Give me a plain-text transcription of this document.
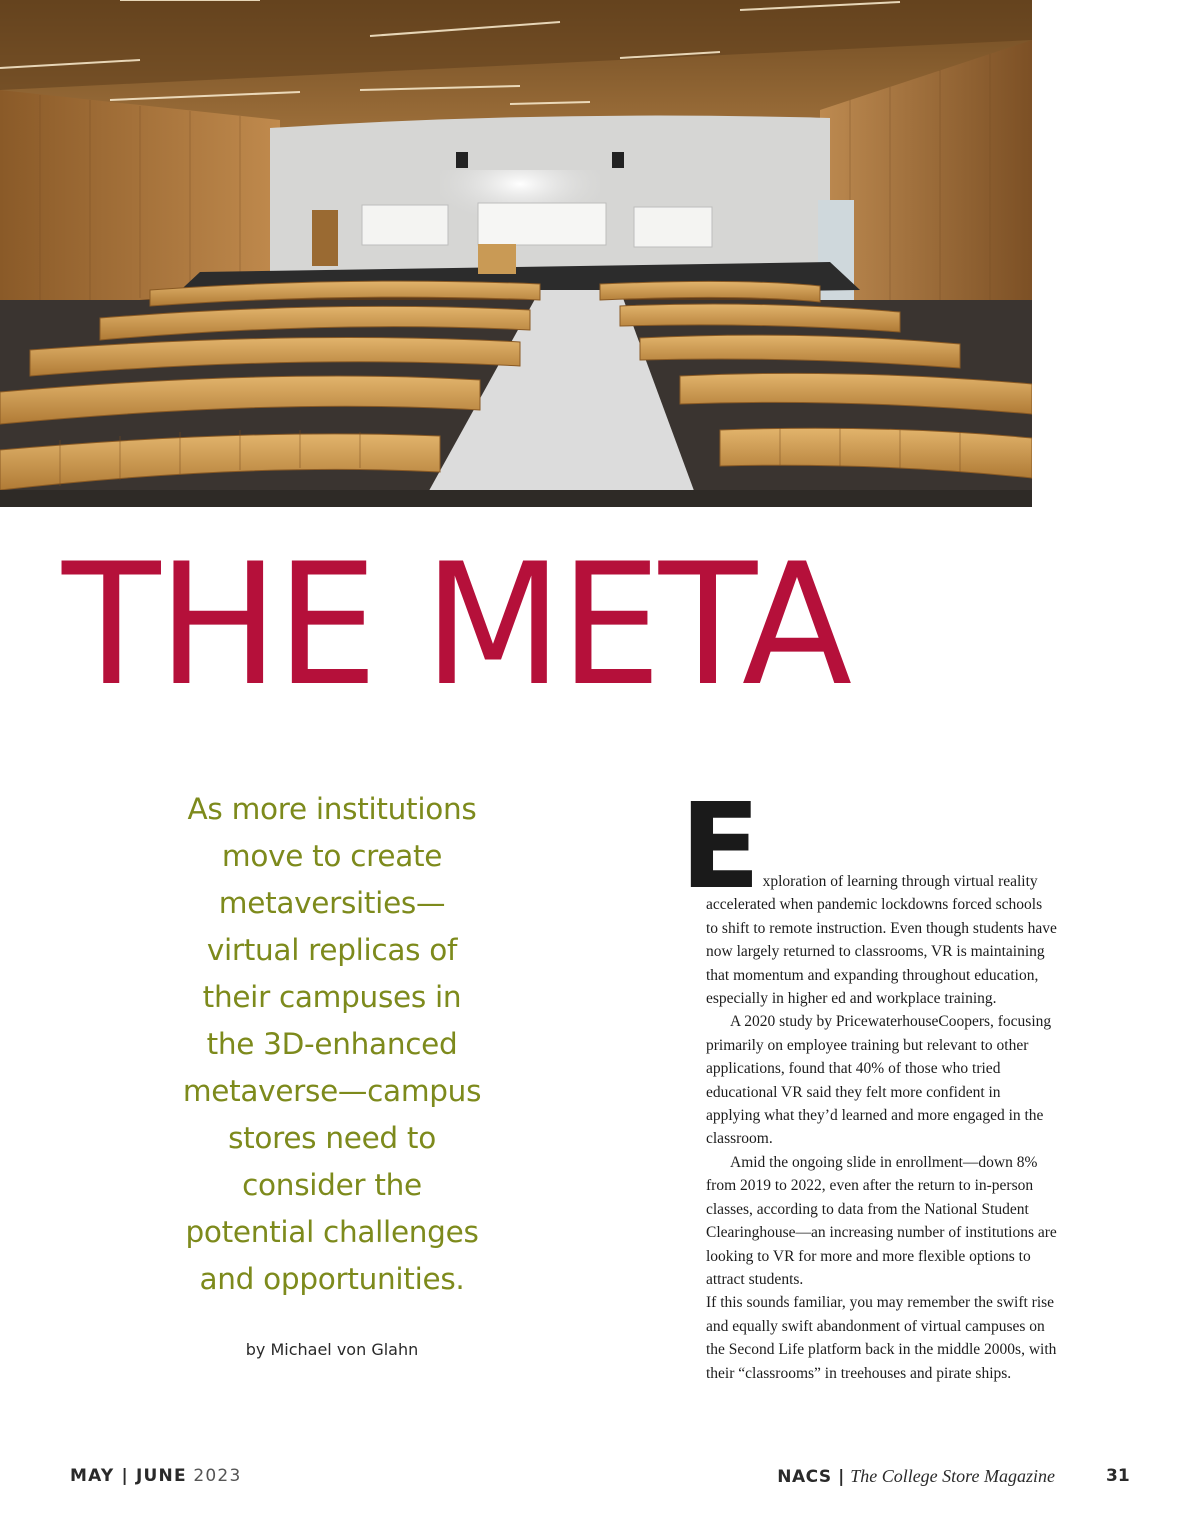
THE META

As more institutions
move to create
metaversities—
virtual replicas of
their campuses in
the 3D-enhanced
metaverse—campus
stores need to
consider the
potential challenges
and opportunities.

by Michael von Glahn

E xploration of learning through virtual reality accelerated when pandemic lockdowns forced schools to shift to remote instruction. Even though students have now largely returned to classrooms, VR is maintaining that momentum and expanding throughout education, especially in higher ed and workplace training.

A 2020 study by PricewaterhouseCoopers, focusing primarily on employee training but relevant to other applications, found that 40% of those who tried educational VR said they felt more confident in applying what they’d learned and more engaged in the classroom.

Amid the ongoing slide in enrollment—down 8% from 2019 to 2022, even after the return to in-person classes, according to data from the National Student Clearinghouse—an increasing number of institutions are looking to VR for more and more flexible options to attract students.

If this sounds familiar, you may remember the swift rise and equally swift abandonment of virtual campuses on the Second Life platform back in the middle 2000s, with their “classrooms” in treehouses and pirate ships.

MAY | JUNE 2023	NACS | The College Store Magazine	31
